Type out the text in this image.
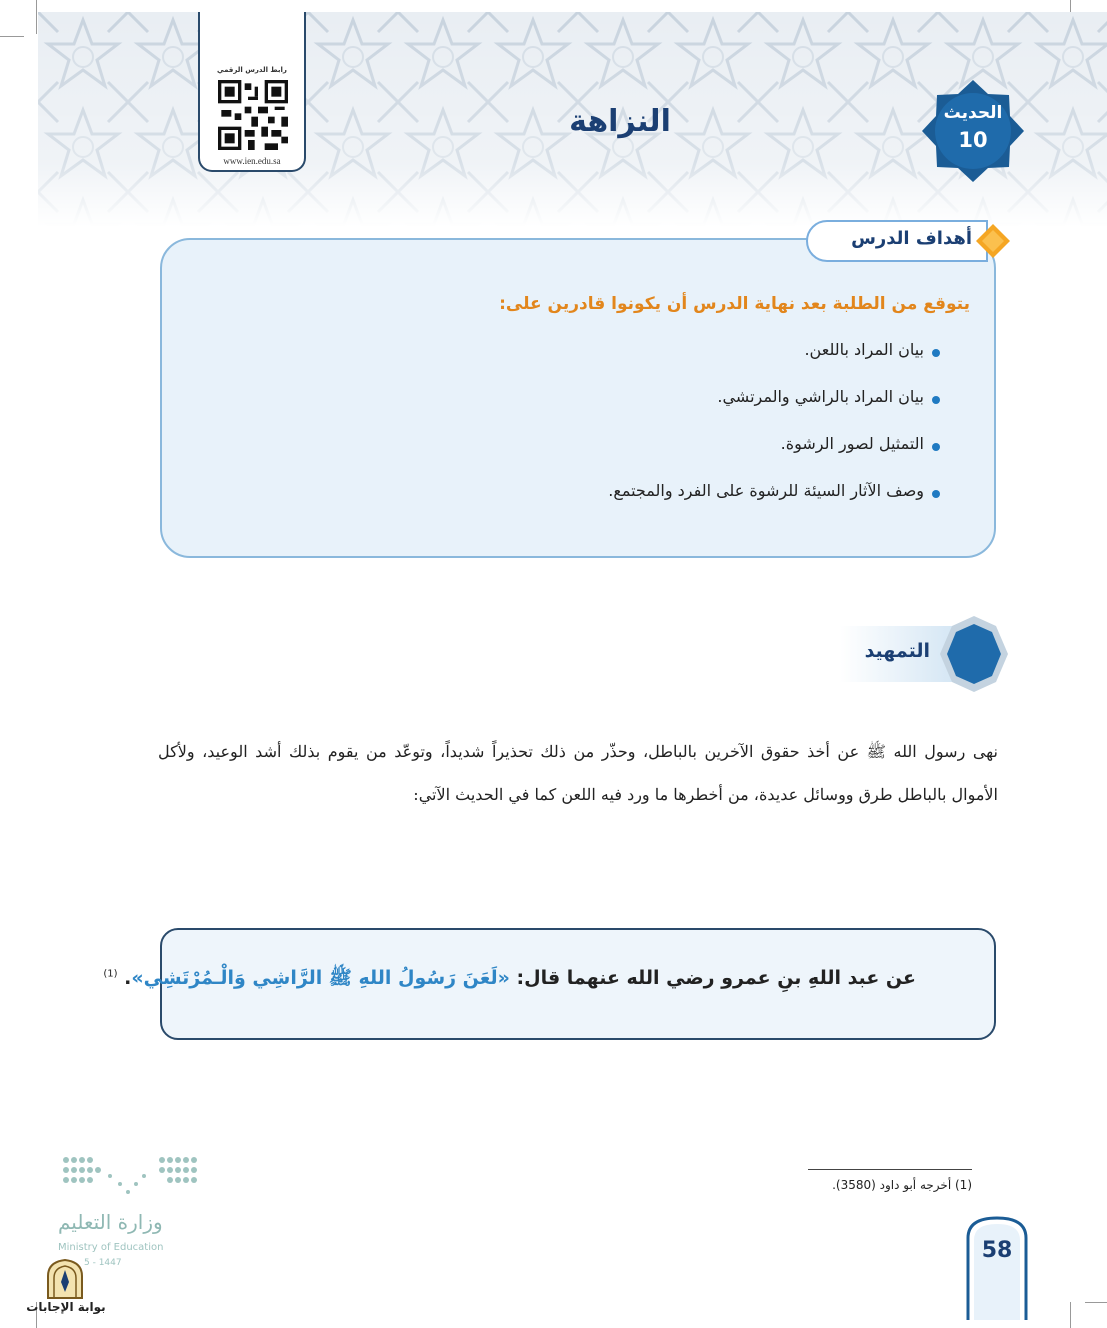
رابط الدرس الرقمي
www.ien.edu.sa
النزاهة	الحديث
10
أهداف الدرس
يتوقع من الطلبة بعد نهاية الدرس أن يكونوا قادرين على:
بيان المراد باللعن.
بيان المراد بالراشي والمرتشي.
التمثيل لصور الرشوة.
وصف الآثار السيئة للرشوة على الفرد والمجتمع.
التمهيد
نهى رسول الله ﷺ عن أخذ حقوق الآخرين بالباطل، وحذّر من ذلك تحذيراً شديداً، وتوعّد من يقوم بذلك أشد الوعيد، ولأكل الأموال بالباطل طرق ووسائل عديدة، من أخطرها ما ورد فيه اللعن كما في الحديث الآتي:
عن عبد اللهِ بنِ عمرو رضي الله عنهما قال: «لَعَنَ رَسُولُ اللهِ ﷺ الرَّاشِي وَالْـمُرْتَشِي». $^{(1)}$
(1) أخرجه أبو داود (3580).
58
وزارة التعليم
Ministry of Education
5 - 1447
بوابة الإجابات
